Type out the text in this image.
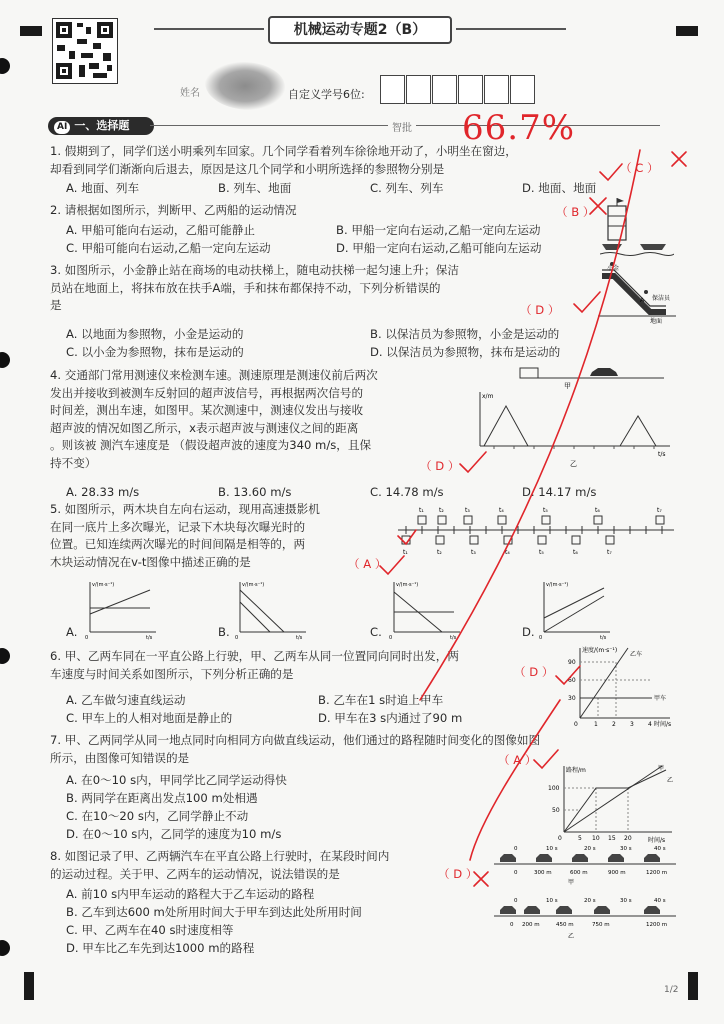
机械运动专题2（B）
姓名	自定义学号6位:
AI 一、选择题	智批 66.7%
1. 假期到了，同学们送小明乘列车回家。几个同学看着列车徐徐地开动了，小明坐在窗边，
却看到同学们渐渐向后退去，原因是这几个同学和小明所选择的参照物分别是	（ C ）
A. 地面、列车	B. 列车、地面	C. 列车、列车	D. 地面、地面
2. 请根据如图所示，判断甲、乙两船的运动情况	（ B ）
A. 甲船可能向右运动，乙船可能静止	B. 甲船一定向右运动,乙船一定向左运动
C. 甲船可能向右运动,乙船一定向左运动	D. 甲船一定向右运动,乙船可能向左运动
3. 如图所示，小金静止站在商场的电动扶梯上，随电动扶梯一起匀速上升；保洁
员站在地面上，将抹布放在扶手A端，手和抹布都保持不动，下列分析错误的
是	（ D ）
A. 以地面为参照物，小金是运动的	B. 以保洁员为参照物，小金是运动的
C. 以小金为参照物，抹布是运动的	D. 以保洁员为参照物，抹布是运动的
小金
A 保洁员
地面
4. 交通部门常用测速仪来检测车速。测速原理是测速仪前后两次
发出并接收到被测车反射回的超声波信号，再根据两次信号的
时间差，测出车速，如图甲。某次测速中，测速仪发出与接收
超声波的情况如图乙所示，x表示超声波与测速仪之间的距离
。则该被 测汽车速度是 （假设超声波的速度为340 m/s，且保
持不变）	（ D ）
A. 28.33 m/s	B. 13.60 m/s	C. 14.78 m/s	D. 14.17 m/s
甲
x/m
t/s
乙
5. 如图所示，两木块自左向右运动，现用高速摄影机
在同一底片上多次曝光，记录下木块每次曝光时的
位置。已知连续两次曝光的时间间隔是相等的，两
木块运动情况在v-t图像中描述正确的是	（ A ）
t₁	t₂	t₃	t₄	t₅	t₆	t₇
t₁	t₂	t₃	t₄	t₅	t₆	t₇
A.	B.	C.	D.
v/(m·s⁻¹)
t/s
0
v/(m·s⁻¹)
t/s
0
v/(m·s⁻¹)
t/s
0
v/(m·s⁻¹)
t/s
0
6. 甲、乙两车同在一平直公路上行驶，甲、乙两车从同一位置同向同时出发，两
车速度与时间关系如图所示，下列分析正确的是	（ D ）
A. 乙车做匀速直线运动	B. 乙车在1 s时追上甲车
C. 甲车上的人相对地面是静止的	D. 甲车在3 s内通过了90 m
速度/(m·s⁻¹)
时间/s
90
60
30
0	1 2 3 4
乙车
甲车
7. 甲、乙两同学从同一地点同时向相同方向做直线运动，他们通过的路程随时间变化的图像如图
所示，由图像可知错误的是	（ A ）
A. 在0～10 s内，甲同学比乙同学运动得快
B. 两同学在距离出发点100 m处相遇
C. 在10～20 s内，乙同学静止不动
D. 在0～10 s内，乙同学的速度为10 m/s
路程/m
时间/s
100
50
0	5 10 15 20
甲
乙
8. 如图记录了甲、乙两辆汽车在平直公路上行驶时，在某段时间内
的运动过程。关于甲、乙两车的运动情况，说法错误的是	（ D ）
A. 前10 s内甲车运动的路程大于乙车运动的路程
B. 乙车到达600 m处所用时间大于甲车到达此处所用时间
C. 甲、乙两车在40 s时速度相等
D. 甲车比乙车先到达1000 m的路程
0	10 s	20 s	30 s	40 s
0	300 m	600 m	900 m	1200 m
甲
0	10 s	20 s	30 s	40 s
0 200 m	450 m	750 m	1200 m
乙
1/2
